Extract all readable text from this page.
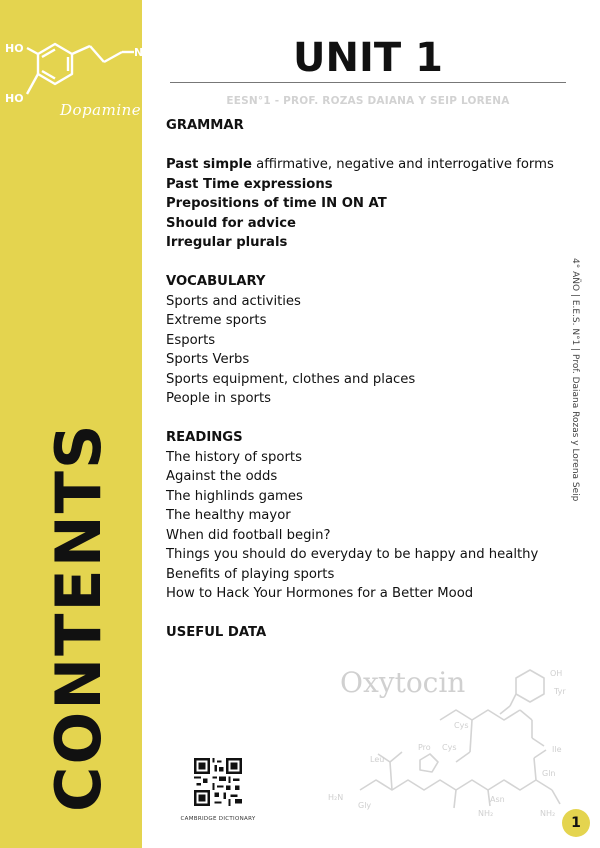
HO
HO
N
Dopamine
CONTENTS
UNIT 1
EESN°1 - PROF. ROZAS DAIANA Y SEIP LORENA
GRAMMAR
Past simple affirmative, negative and interrogative forms
Past Time expressions
Prepositions of time IN ON AT
Should for advice
Irregular plurals
VOCABULARY
Sports and activities
Extreme sports
Esports
Sports Verbs
Sports equipment, clothes and places
People in sports
READINGS
The history of sports
Against the odds
The highlinds games
The healthy mayor
When did football begin?
Things you should do everyday to be happy and healthy
Benefits of playing sports
How to Hack Your Hormones for a Better Mood
USEFUL DATA
4° AÑO | E.E.S. N°1 | Prof. Daiana Rozas y Lorena Seip
OH
Tyr
Cys
Ile
Pro Cys
Leu
Gln
H₂N
Gly
Asn
NH₂	NH₂
Oxytocin
CAMBRIDGE DICTIONARY	1
